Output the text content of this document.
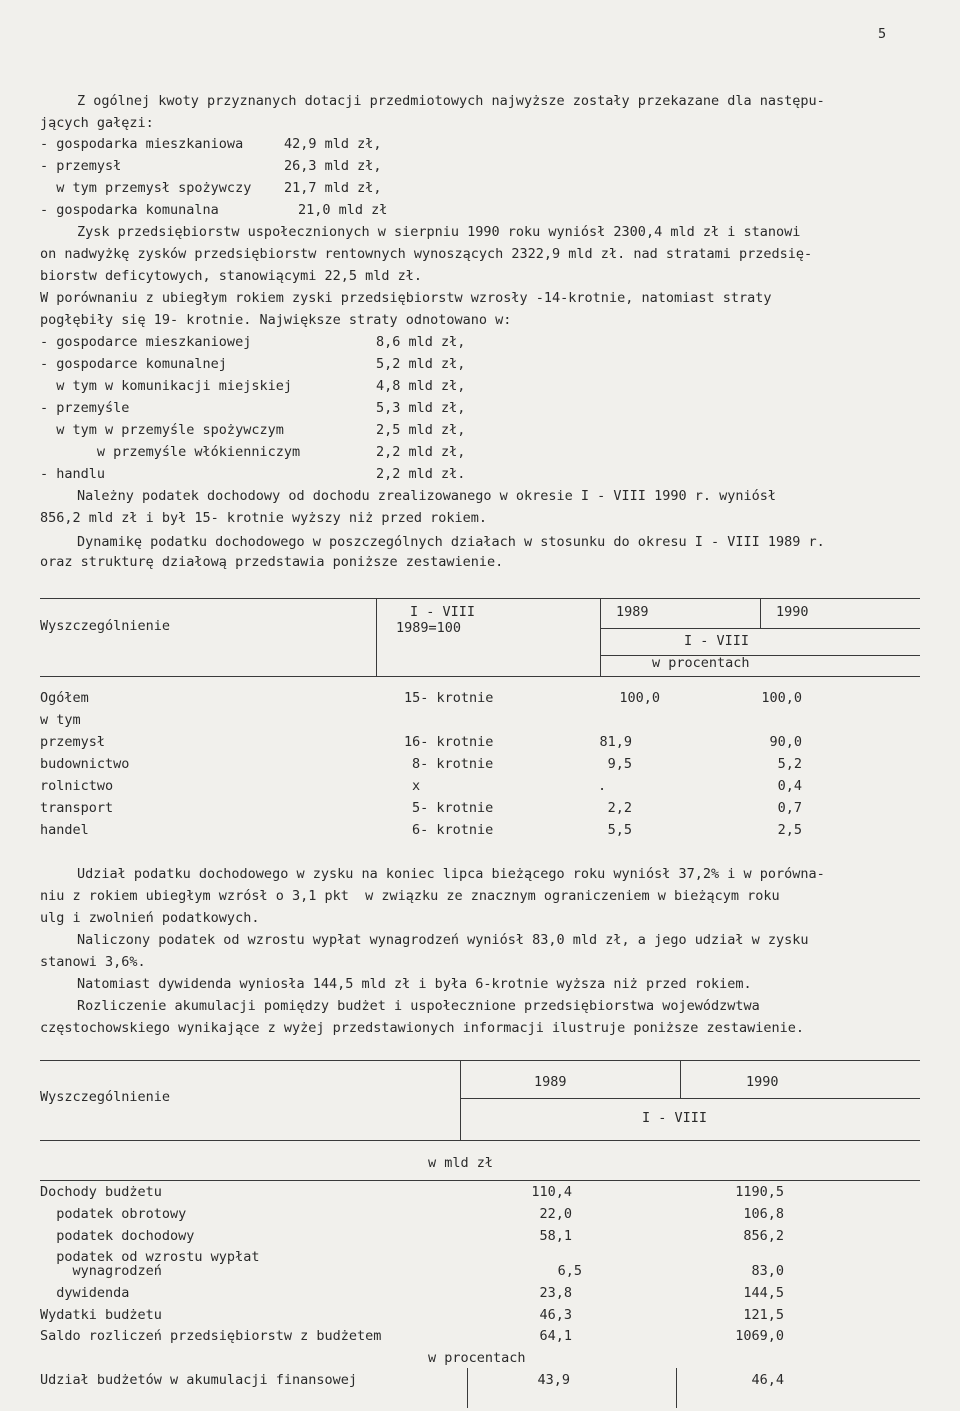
5
Z ogólnej kwoty przyznanych dotacji przedmiotowych najwyższe zostały przekazane dla następu-
jących gałęzi:
- gospodarka mieszkaniowa	42,9 mld zł,
- przemysł	26,3 mld zł,
w tym przemysł spożywczy 21,7 mld zł,
- gospodarka komunalna	21,0 mld zł
Zysk przedsiębiorstw uspołecznionych w sierpniu 1990 roku wyniósł 2300,4 mld zł i stanowi
on nadwyżkę zysków przedsiębiorstw rentownych wynoszących 2322,9 mld zł. nad stratami przedsię-
biorstw deficytowych, stanowiącymi 22,5 mld zł.
W porównaniu z ubiegłym rokiem zyski przedsiębiorstw wzrosły -14-krotnie, natomiast straty
pogłębiły się 19- krotnie. Największe straty odnotowano w:
- gospodarce mieszkaniowej	8,6 mld zł,
- gospodarce komunalnej	5,2 mld zł,
w tym w komunikacji miejskiej	4,8 mld zł,
- przemyśle	5,3 mld zł,
w tym w przemyśle spożywczym	2,5 mld zł,
w przemyśle włókienniczym	2,2 mld zł,
- handlu	2,2 mld zł.
Należny podatek dochodowy od dochodu zrealizowanego w okresie I - VIII 1990 r. wyniósł
856,2 mld zł i był 15- krotnie wyższy niż przed rokiem.
Dynamikę podatku dochodowego w poszczególnych działach w stosunku do okresu I - VIII 1989 r.
oraz strukturę działową przedstawia poniższe zestawienie.
Wyszczególnienie
I - VIII
1989=100
1989	1990
I - VIII
w procentach
Ogółem	15- krotnie	100,0	100,0
w tym
przemysł	16- krotnie	81,9	90,0
budownictwo	8- krotnie	9,5	5,2
rolnictwo	x	.	0,4
transport	5- krotnie	2,2	0,7
handel	6- krotnie	5,5	2,5
Udział podatku dochodowego w zysku na koniec lipca bieżącego roku wyniósł 37,2% i w porówna-
niu z rokiem ubiegłym wzrósł o 3,1 pkt  w związku ze znacznym ograniczeniem w bieżącym roku
ulg i zwolnień podatkowych.
Naliczony podatek od wzrostu wypłat wynagrodzeń wyniósł 83,0 mld zł, a jego udział w zysku
stanowi 3,6%.
Natomiast dywidenda wyniosła 144,5 mld zł i była 6-krotnie wyższa niż przed rokiem.
Rozliczenie akumulacji pomiędzy budżet i uspołecznione przedsiębiorstwa wojewódzwtwa
częstochowskiego wynikające z wyżej przedstawionych informacji ilustruje poniższe zestawienie.
Wyszczególnienie
1989	1990
I - VIII
w mld zł
Dochody budżetu	110,4	1190,5
podatek obrotowy	22,0	106,8
podatek dochodowy	58,1	856,2
podatek od wzrostu wypłat
wynagrodzeń	6,5	83,0
dywidenda	23,8	144,5
Wydatki budżetu	46,3	121,5
Saldo rozliczeń przedsiębiorstw z budżetem	64,1	1069,0
w procentach
Udział budżetów w akumulacji finansowej	43,9	46,4
